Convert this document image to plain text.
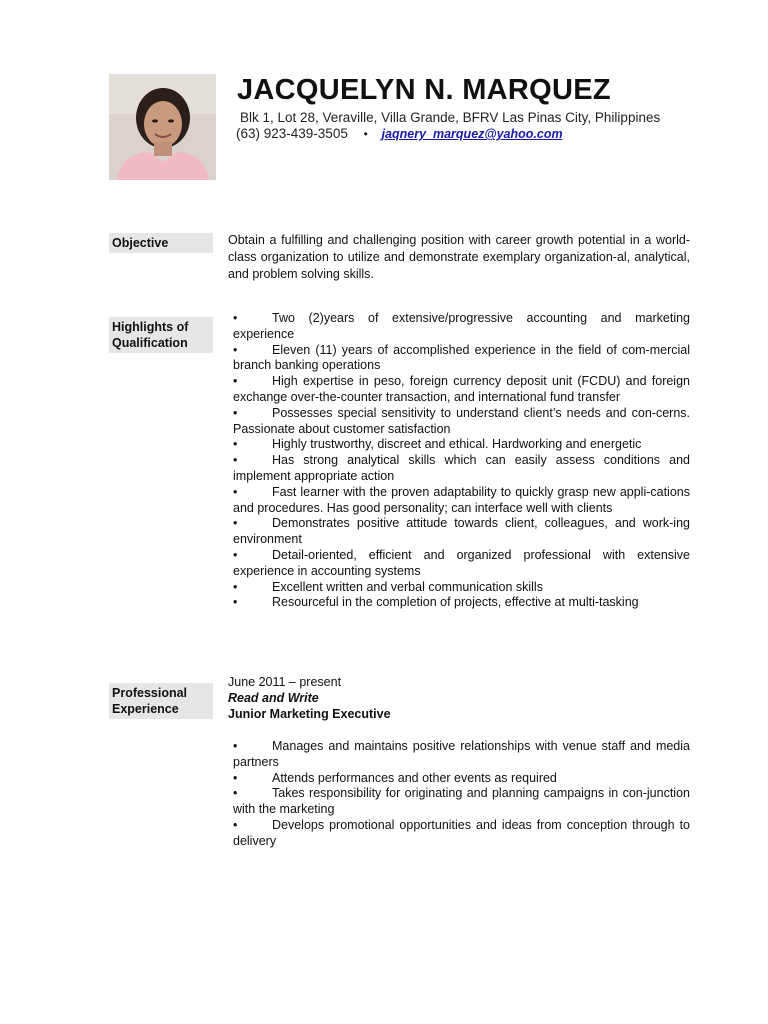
JACQUELYN N. MARQUEZ
Blk 1, Lot 28, Veraville, Villa Grande, BFRV Las Pinas City, Philippines
(63) 923-439-3505 • jaqnery_marquez@yahoo.com
Objective	Obtain a fulfilling and challenging position with career growth potential in a world-class organization to utilize and demonstrate exemplary organization-al, analytical, and problem solving skills.
Highlights of
Qualification
•	Two (2)years of extensive/progressive accounting and marketing experience
•	Eleven (11) years of accomplished experience in the field of com-mercial branch banking operations
•	High expertise in peso, foreign currency deposit unit (FCDU) and foreign exchange over-the-counter transaction, and international fund transfer
•	Possesses special sensitivity to understand client’s needs and con-cerns. Passionate about customer satisfaction
•	Highly trustworthy, discreet and ethical. Hardworking and energetic
•	Has strong analytical skills which can easily assess conditions and implement appropriate action
•	Fast learner with the proven adaptability to quickly grasp new appli-cations and procedures. Has good personality; can interface well with clients
•	Demonstrates positive attitude towards client, colleagues, and work-ing environment
•	Detail-oriented, efficient and organized professional with extensive experience in accounting systems
•	Excellent written and verbal communication skills
•	Resourceful in the completion of projects, effective at multi-tasking
Professional
Experience
June 2011 – present
Read and Write
Junior Marketing Executive
•	Manages and maintains positive relationships with venue staff and media partners
•	Attends performances and other events as required
•	Takes responsibility for originating and planning campaigns in con-junction with the marketing
•	Develops promotional opportunities and ideas from conception through to delivery
